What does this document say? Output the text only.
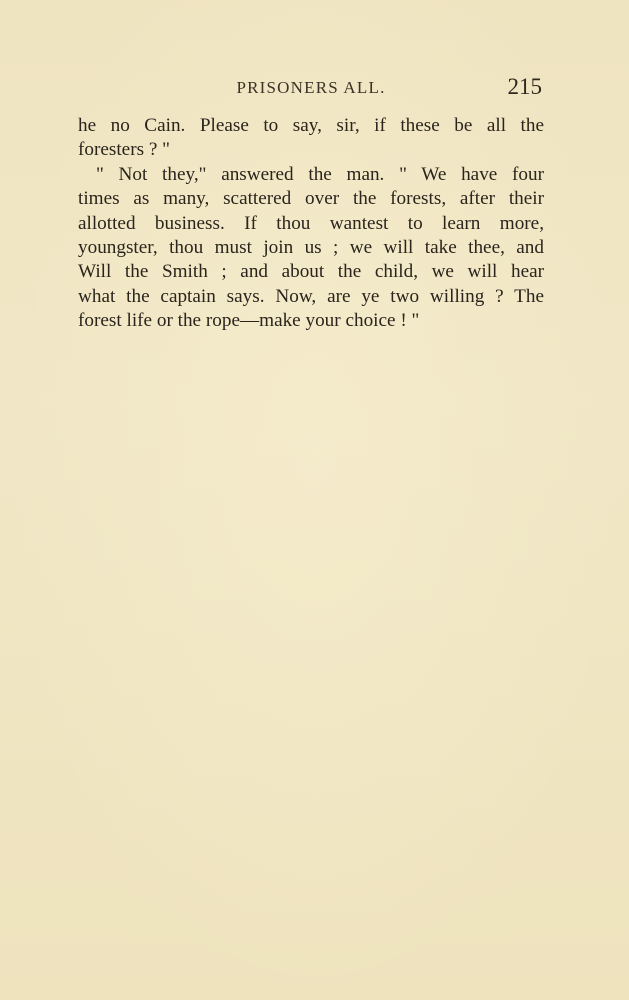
PRISONERS ALL.	215
he no Cain. Please to say, sir, if these be all the
foresters ? "
" Not they," answered the man. " We have four
times as many, scattered over the forests, after their
allotted business. If thou wantest to learn more,
youngster, thou must join us ; we will take thee, and
Will the Smith ; and about the child, we will hear
what the captain says. Now, are ye two willing ? The
forest life or the rope—make your choice ! "
